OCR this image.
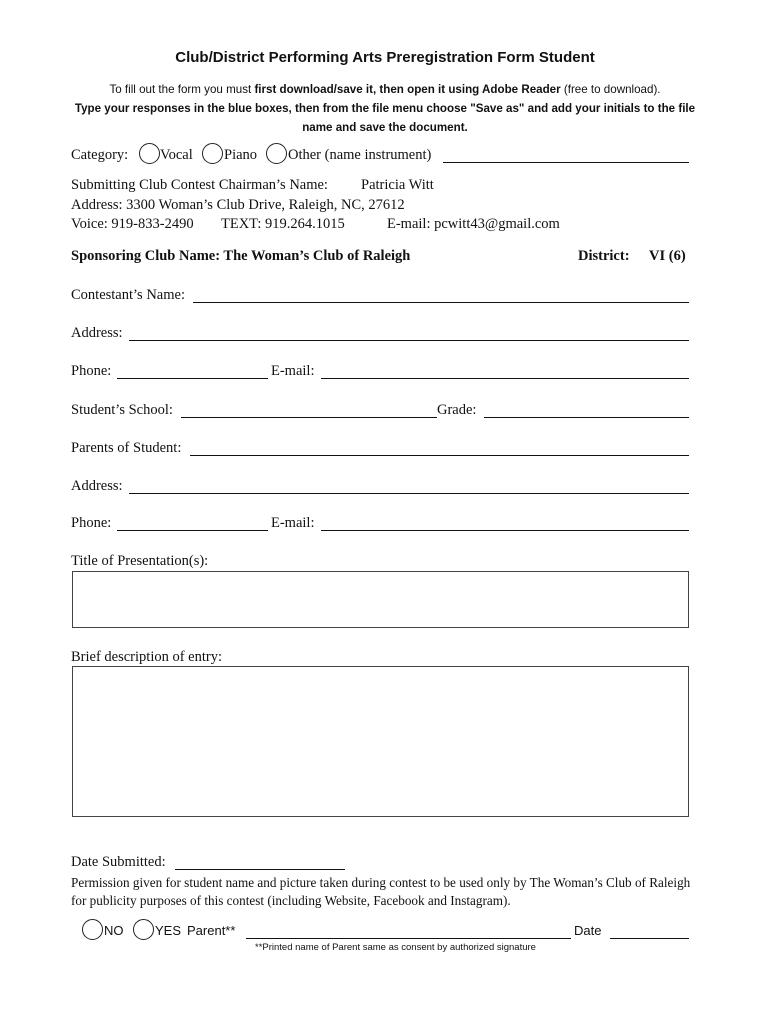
Club/District Performing Arts Preregistration Form Student
To fill out the form you must first download/save it, then open it using Adobe Reader (free to download).
Type your responses in the blue boxes, then from the file menu choose "Save as" and add your initials to the file name and save the document.
Category: Vocal Piano Other (name instrument)
Submitting Club Contest Chairman’s Name: Patricia Witt
Address: 3300 Woman’s Club Drive, Raleigh, NC, 27612
Voice: 919-833-2490 TEXT: 919.264.1015	E-mail: pcwitt43@gmail.com
Sponsoring Club Name: The Woman’s Club of Raleigh	District: VI (6)
Contestant’s Name:
Address:
Phone:	E-mail:
Student’s School:	Grade:
Parents of Student:
Address:
Phone:	E-mail:
Title of Presentation(s):
Brief description of entry:
Date Submitted:
Permission given for student name and picture taken during contest to be used only by The Woman’s Club of Raleigh for publicity purposes of this contest (including Website, Facebook and Instagram).
NO YES Parent**	Date
**Printed name of Parent same as consent by authorized signature
